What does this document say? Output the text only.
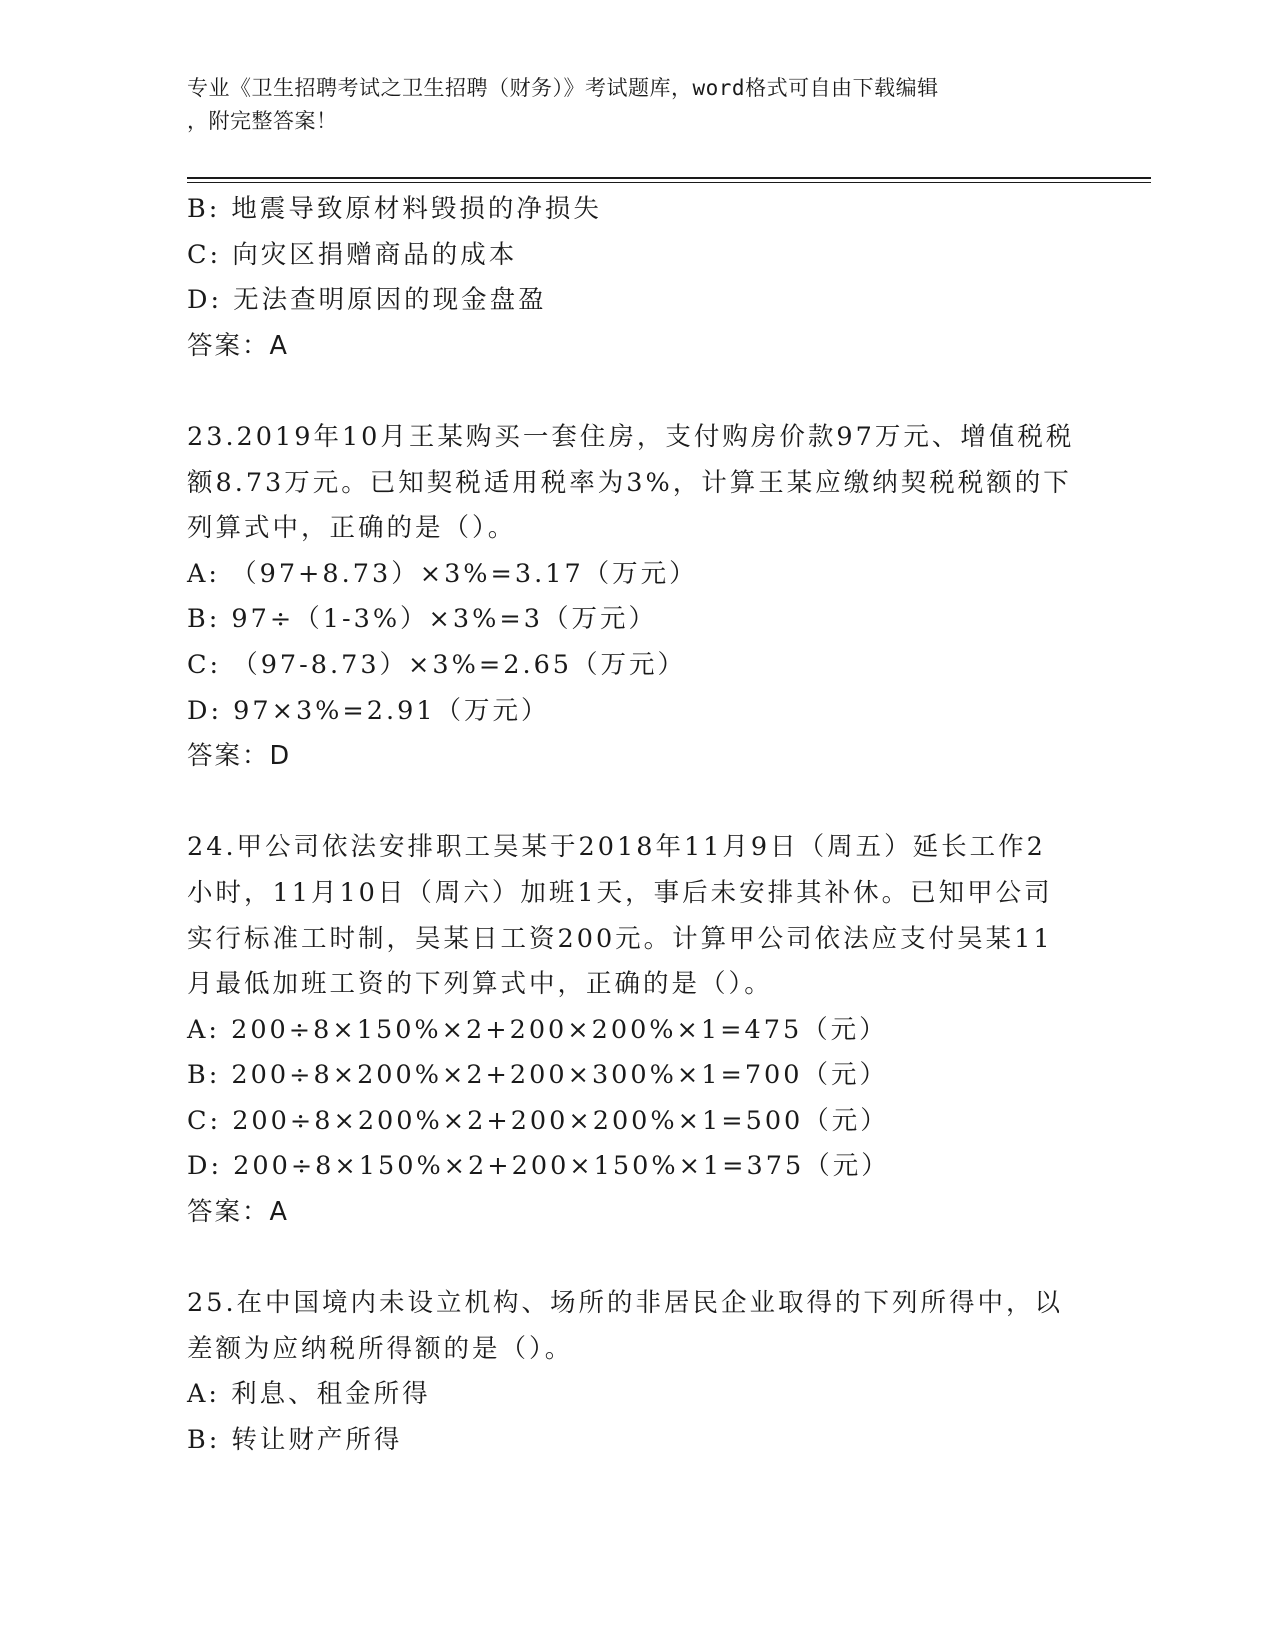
专业《卫生招聘考试之卫生招聘（财务）》考试题库，word格式可自由下载编辑
，附完整答案！
B: 地震导致原材料毁损的净损失
C: 向灾区捐赠商品的成本
D: 无法查明原因的现金盘盈
答案：A
23.2019年10月王某购买一套住房，支付购房价款97万元、增值税税
额8.73万元。已知契税适用税率为3%，计算王某应缴纳契税税额的下
列算式中，正确的是（）。
A: （97+8.73）×3%=3.17（万元）
B: 97÷（1-3%）×3%=3（万元）
C: （97-8.73）×3%=2.65（万元）
D: 97×3%=2.91（万元）
答案：D
24.甲公司依法安排职工吴某于2018年11月9日（周五）延长工作2
小时，11月10日（周六）加班1天，事后未安排其补休。已知甲公司
实行标准工时制，吴某日工资200元。计算甲公司依法应支付吴某11
月最低加班工资的下列算式中，正确的是（）。
A: 200÷8×150%×2+200×200%×1=475（元）
B: 200÷8×200%×2+200×300%×1=700（元）
C: 200÷8×200%×2+200×200%×1=500（元）
D: 200÷8×150%×2+200×150%×1=375（元）
答案：A
25.在中国境内未设立机构、场所的非居民企业取得的下列所得中，以
差额为应纳税所得额的是（）。
A: 利息、租金所得
B: 转让财产所得
